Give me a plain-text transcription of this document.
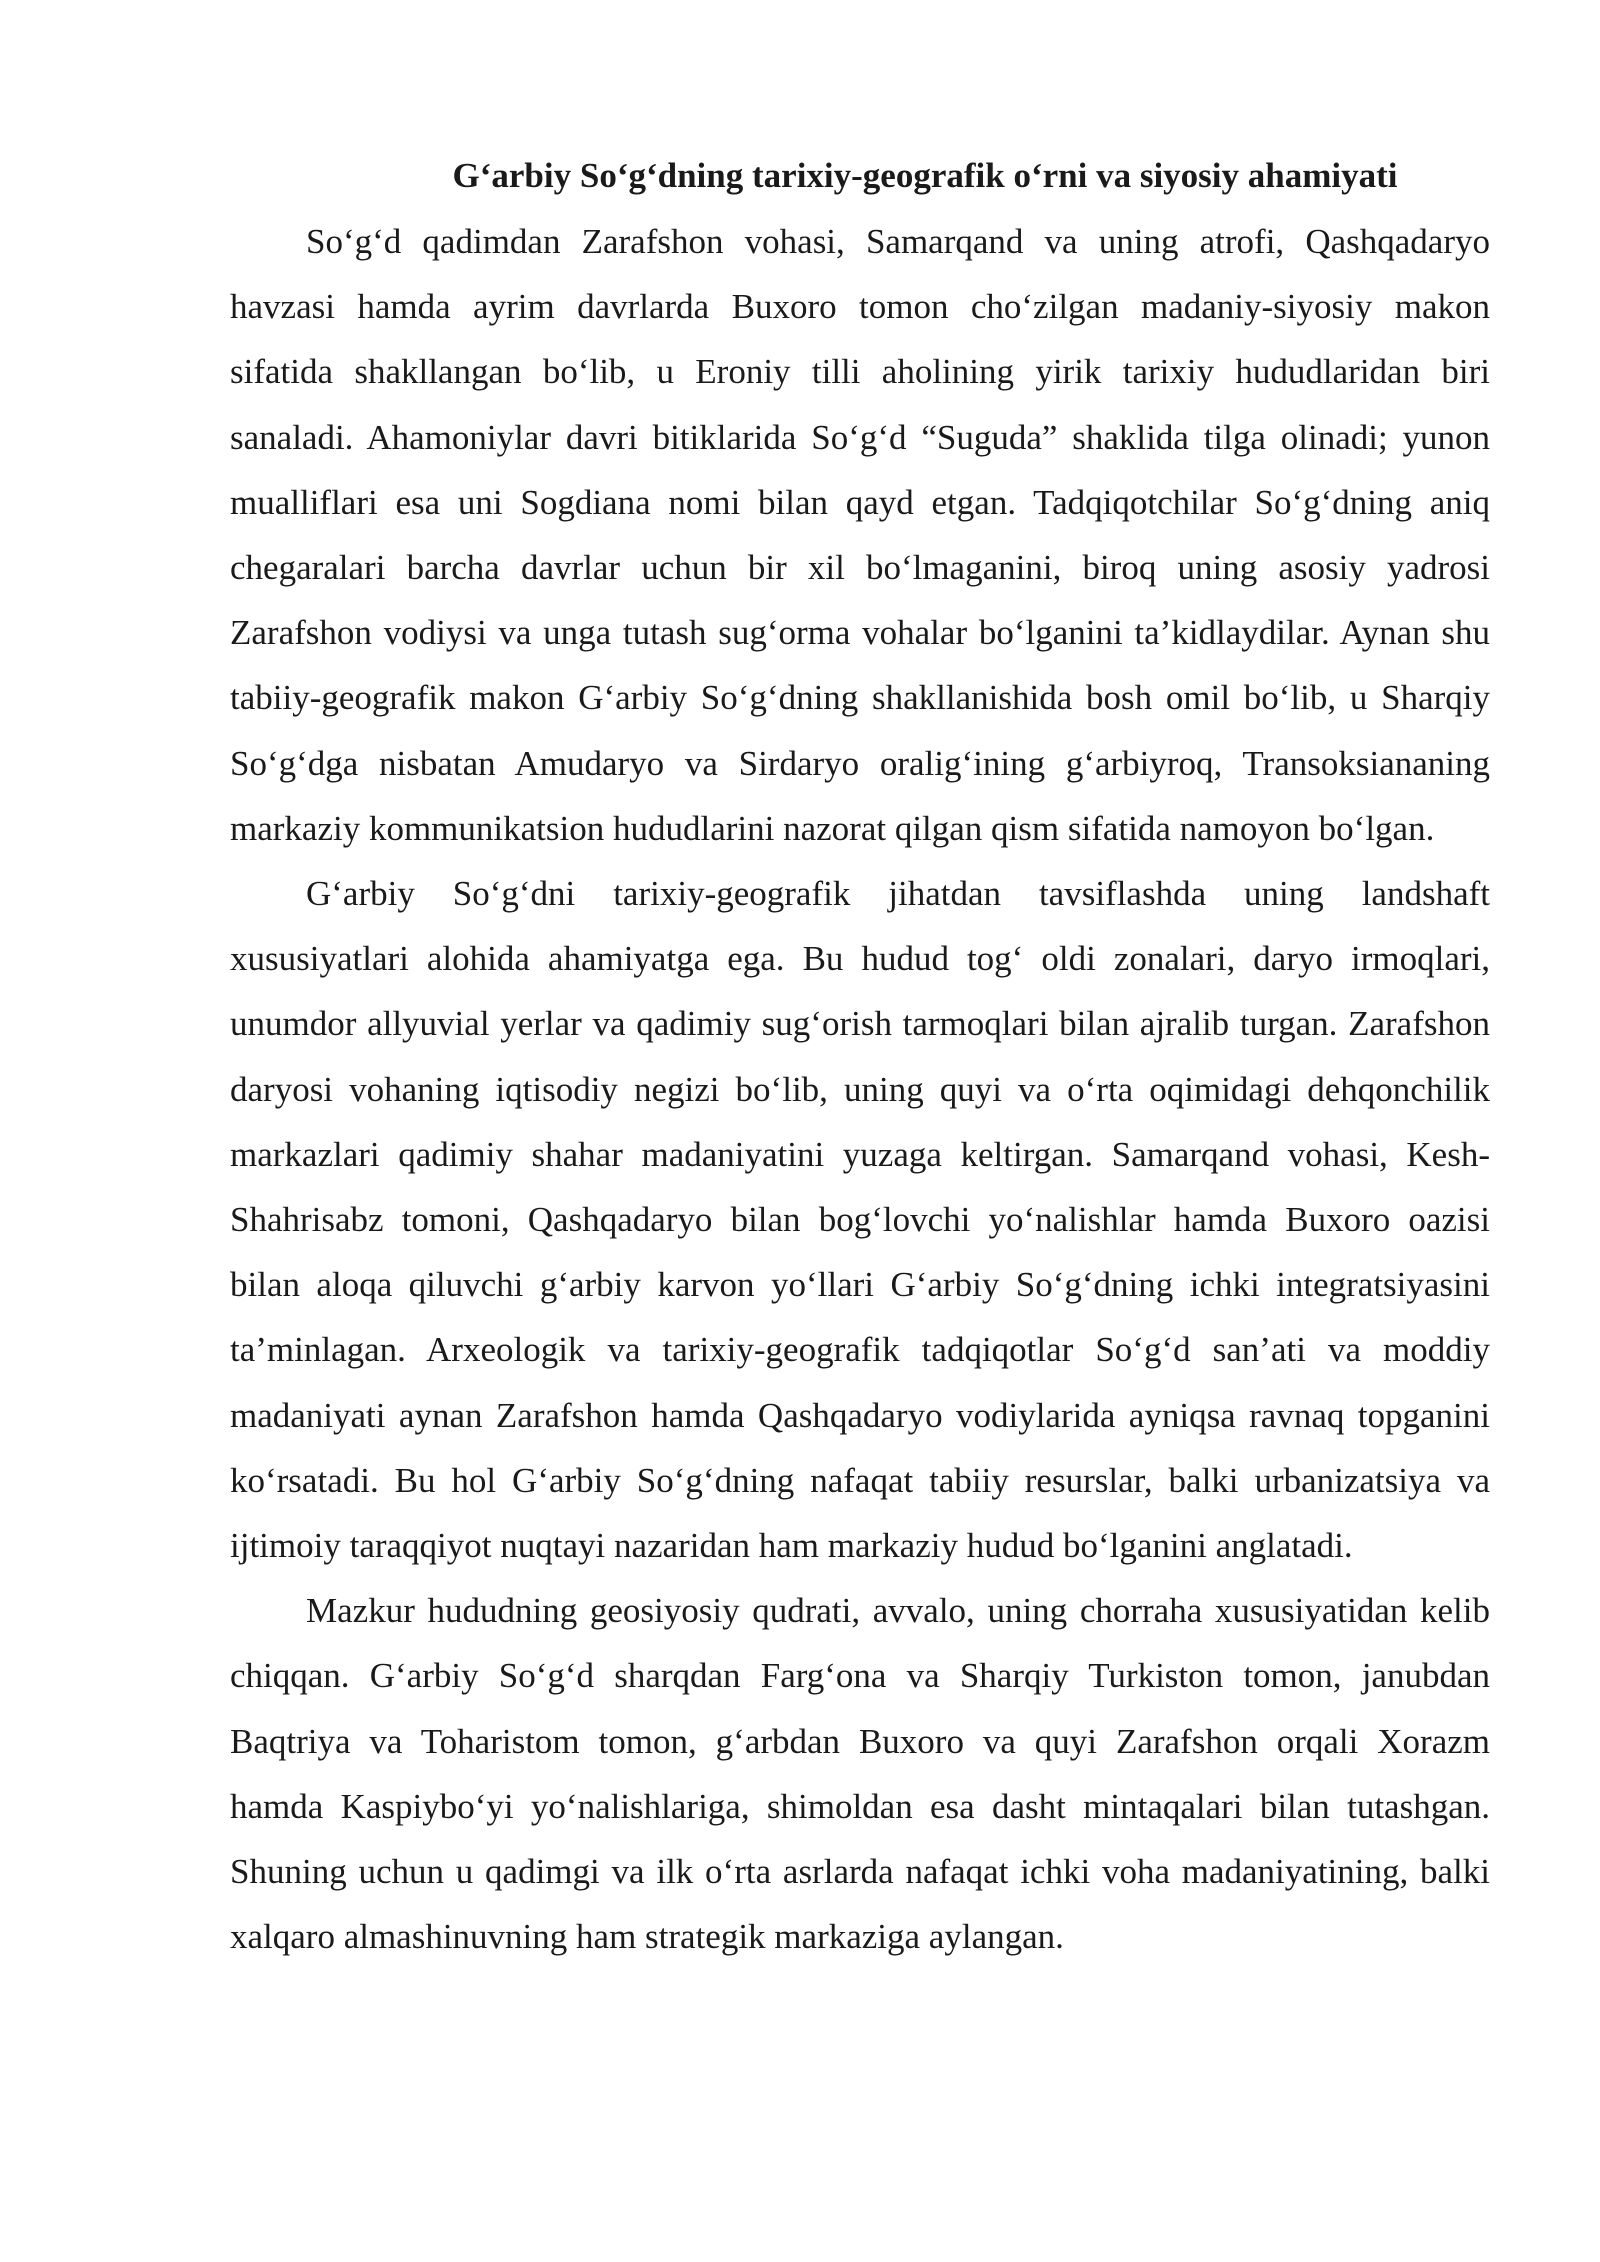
G‘arbiy So‘g‘dning tarixiy-geografik o‘rni va siyosiy ahamiyati

So‘g‘d qadimdan Zarafshon vohasi, Samarqand va uning atrofi, Qashqadaryo havzasi hamda ayrim davrlarda Buxoro tomon cho‘zilgan madaniy-siyosiy makon sifatida shakllangan bo‘lib, u Eroniy tilli aholining yirik tarixiy hududlaridan biri sanaladi. Ahamoniylar davri bitiklarida So‘g‘d “Suguda” shaklida tilga olinadi; yunon mualliflari esa uni Sogdiana nomi bilan qayd etgan. Tadqiqotchilar So‘g‘dning aniq chegaralari barcha davrlar uchun bir xil bo‘lmaganini, biroq uning asosiy yadrosi Zarafshon vodiysi va unga tutash sug‘orma vohalar bo‘lganini ta’kidlaydilar. Aynan shu tabiiy-geografik makon G‘arbiy So‘g‘dning shakllanishida bosh omil bo‘lib, u Sharqiy So‘g‘dga nisbatan Amudaryo va Sirdaryo oralig‘ining g‘arbiyroq, Transoksiananing markaziy kommunikatsion hududlarini nazorat qilgan qism sifatida namoyon bo‘lgan.

G‘arbiy So‘g‘dni tarixiy-geografik jihatdan tavsiflashda uning landshaft xususiyatlari alohida ahamiyatga ega. Bu hudud tog‘ oldi zonalari, daryo irmoqlari, unumdor allyuvial yerlar va qadimiy sug‘orish tarmoqlari bilan ajralib turgan. Zarafshon daryosi vohaning iqtisodiy negizi bo‘lib, uning quyi va o‘rta oqimidagi dehqonchilik markazlari qadimiy shahar madaniyatini yuzaga keltirgan. Samarqand vohasi, Kesh-Shahrisabz tomoni, Qashqadaryo bilan bog‘lovchi yo‘nalishlar hamda Buxoro oazisi bilan aloqa qiluvchi g‘arbiy karvon yo‘llari G‘arbiy So‘g‘dning ichki integratsiyasini ta’minlagan. Arxeologik va tarixiy-geografik tadqiqotlar So‘g‘d san’ati va moddiy madaniyati aynan Zarafshon hamda Qashqadaryo vodiylarida ayniqsa ravnaq topganini ko‘rsatadi. Bu hol G‘arbiy So‘g‘dning nafaqat tabiiy resurslar, balki urbanizatsiya va ijtimoiy taraqqiyot nuqtayi nazaridan ham markaziy hudud bo‘lganini anglatadi.

Mazkur hududning geosiyosiy qudrati, avvalo, uning chorraha xususiyatidan kelib chiqqan. G‘arbiy So‘g‘d sharqdan Farg‘ona va Sharqiy Turkiston tomon, janubdan Baqtriya va Toharistom tomon, g‘arbdan Buxoro va quyi Zarafshon orqali Xorazm hamda Kaspiybo‘yi yo‘nalishlariga, shimoldan esa dasht mintaqalari bilan tutashgan. Shuning uchun u qadimgi va ilk o‘rta asrlarda nafaqat ichki voha madaniyatining, balki xalqaro almashinuvning ham strategik markaziga aylangan.
